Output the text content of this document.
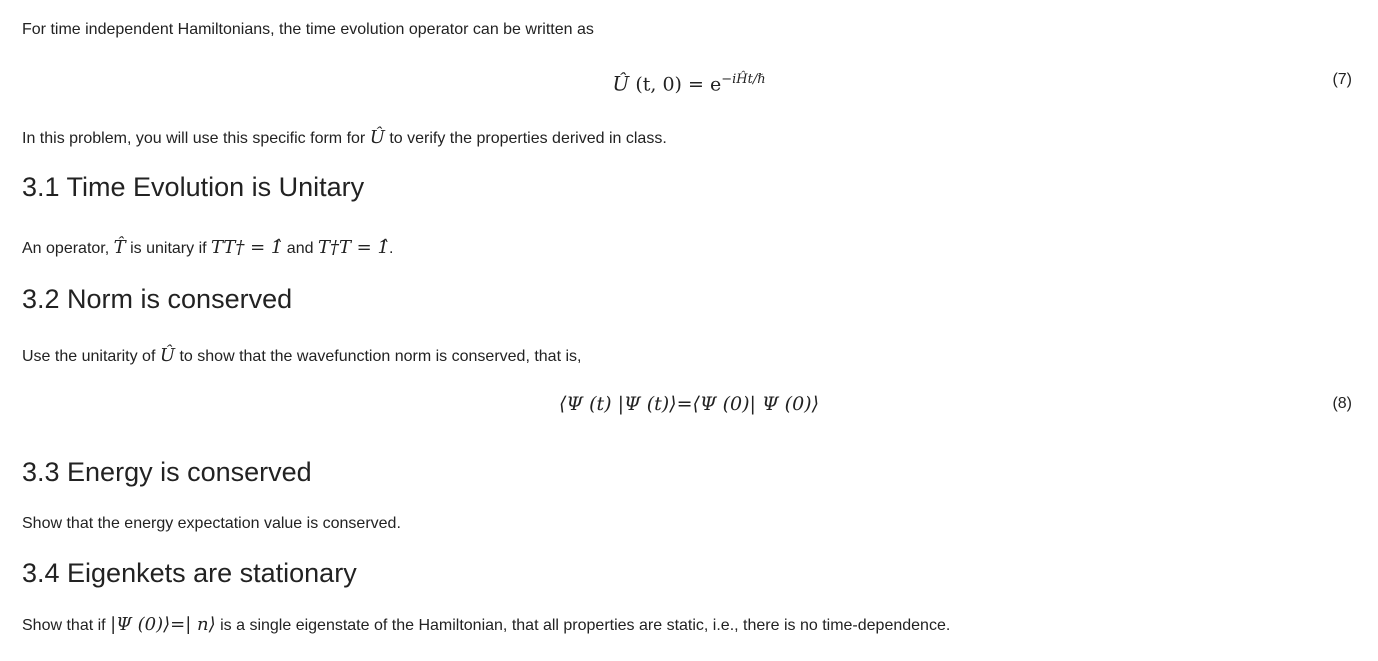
For time independent Hamiltonians, the time evolution operator can be written as

Û (t, $0) = e^{-iĤt/\hbar}$	(7)

In this problem, you will use this specific form for Û to verify the properties derived in class.

3.1 Time Evolution is Unitary

An operator, T̂ is unitary if TT† = 1̂ and T†T = 1̂.

3.2 Norm is conserved

Use the unitarity of Û to show that the wavefunction norm is conserved, that is,

⟨Ψ (t) |Ψ (t)⟩=⟨Ψ (0)| Ψ (0)⟩	(8)
3.3 Energy is conserved

Show that the energy expectation value is conserved.

3.4 Eigenkets are stationary

Show that if |Ψ (0)⟩=| n⟩ is a single eigenstate of the Hamiltonian, that all properties are static, i.e., there is no time-dependence.
